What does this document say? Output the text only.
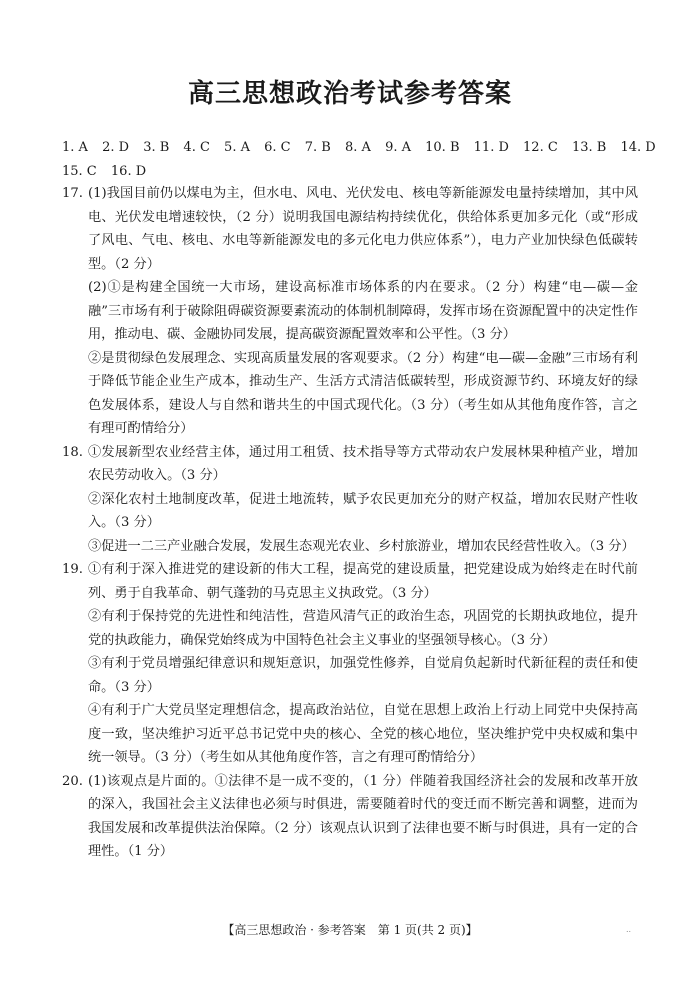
高三思想政治考试参考答案
1. A 2. D 3. B 4. C 5. A 6. C 7. B 8. A 9. A 10. B 11. D 12. C 13. B 14. D
15. C 16. D
17. (1)我国目前仍以煤电为主，但水电、风电、光伏发电、核电等新能源发电量持续增加，其中风电、光伏发电增速较快，（2 分）说明我国电源结构持续优化，供给体系更加多元化（或“形成了风电、气电、核电、水电等新能源发电的多元化电力供应体系”），电力产业加快绿色低碳转型。（2 分）

(2)①是构建全国统一大市场，建设高标准市场体系的内在要求。（2 分）构建“电—碳—金融”三市场有利于破除阻碍碳资源要素流动的体制机制障碍，发挥市场在资源配置中的决定性作用，推动电、碳、金融协同发展，提高碳资源配置效率和公平性。（3 分）

②是贯彻绿色发展理念、实现高质量发展的客观要求。（2 分）构建“电—碳—金融”三市场有利于降低节能企业生产成本，推动生产、生活方式清洁低碳转型，形成资源节约、环境友好的绿色发展体系，建设人与自然和谐共生的中国式现代化。（3 分）（考生如从其他角度作答，言之有理可酌情给分）

18. ①发展新型农业经营主体，通过用工租赁、技术指导等方式带动农户发展林果种植产业，增加农民劳动收入。（3 分）

②深化农村土地制度改革，促进土地流转，赋予农民更加充分的财产权益，增加农民财产性收入。（3 分）

③促进一二三产业融合发展，发展生态观光农业、乡村旅游业，增加农民经营性收入。（3 分）

19. ①有利于深入推进党的建设新的伟大工程，提高党的建设质量，把党建设成为始终走在时代前列、勇于自我革命、朝气蓬勃的马克思主义执政党。（3 分）

②有利于保持党的先进性和纯洁性，营造风清气正的政治生态，巩固党的长期执政地位，提升党的执政能力，确保党始终成为中国特色社会主义事业的坚强领导核心。（3 分）

③有利于党员增强纪律意识和规矩意识，加强党性修养，自觉肩负起新时代新征程的责任和使命。（3 分）

④有利于广大党员坚定理想信念，提高政治站位，自觉在思想上政治上行动上同党中央保持高度一致，坚决维护习近平总书记党中央的核心、全党的核心地位，坚决维护党中央权威和集中统一领导。（3 分）（考生如从其他角度作答，言之有理可酌情给分）

20. (1)该观点是片面的。①法律不是一成不变的，（1 分）伴随着我国经济社会的发展和改革开放的深入，我国社会主义法律也必须与时俱进，需要随着时代的变迁而不断完善和调整，进而为我国发展和改革提供法治保障。（2 分）该观点认识到了法律也要不断与时俱进，具有一定的合理性。（1 分）

【高三思想政治 · 参考答案　第 1 页(共 2 页)】	..
